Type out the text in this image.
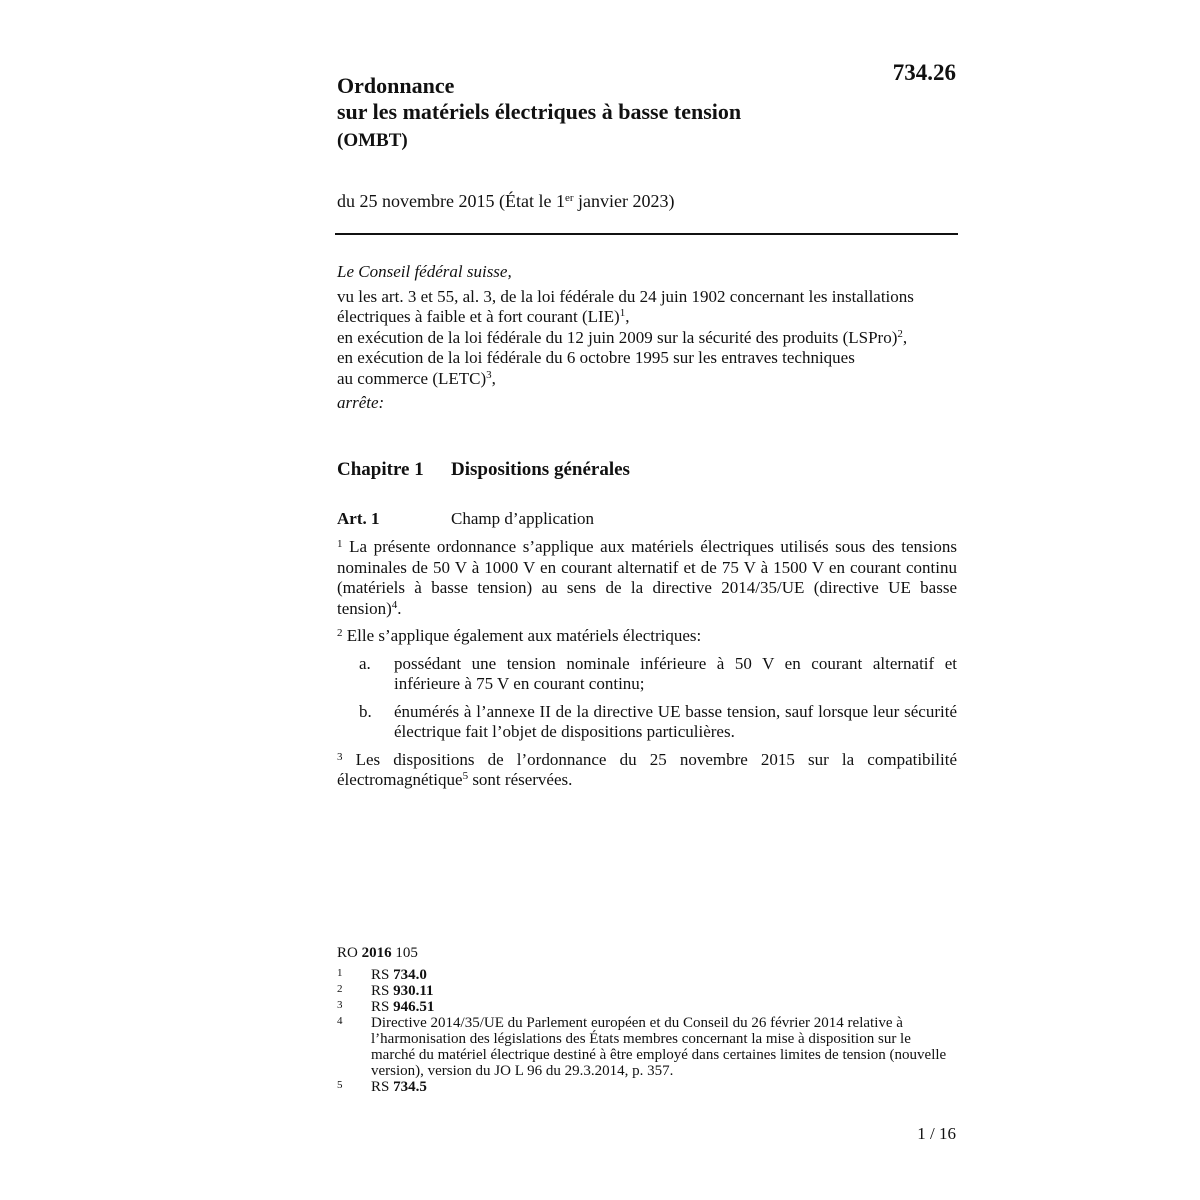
734.26
Ordonnance
sur les matériels électriques à basse tension
(OMBT)
du 25 novembre 2015 (État le 1er janvier 2023)

Le Conseil fédéral suisse,

vu les art. 3 et 55, al. 3, de la loi fédérale du 24 juin 1902 concernant les installations électriques à faible et à fort courant (LIE)$^1$,

en exécution de la loi fédérale du 12 juin 2009 sur la sécurité des produits (LSPro)$^2$,

en exécution de la loi fédérale du 6 octobre 1995 sur les entraves techniques
au commerce (LETC)$^3$,

arrête:

Chapitre 1 Dispositions générales
Art. 1	Champ d’application

$^1$ La présente ordonnance s’applique aux matériels électriques utilisés sous des tensions nominales de 50 V à 1000 V en courant alternatif et de 75 V à 1500 V en courant continu (matériels à basse tension) au sens de la directive 2014/35/UE (directive UE basse tension)$^4$.

$^2$ Elle s’applique également aux matériels électriques:

a.	possédant une tension nominale inférieure à 50 V en courant alternatif et inférieure à 75 V en courant continu;
b.	énumérés à l’annexe II de la directive UE basse tension, sauf lorsque leur sécurité électrique fait l’objet de dispositions particulières.

$^3$ Les dispositions de l’ordonnance du 25 novembre 2015 sur la compatibilité électromagnétique$^5$ sont réservées.

RO 2016 105
1	RS 734.0
2	RS 930.11
3	RS 946.51
4	Directive 2014/35/UE du Parlement européen et du Conseil du 26 février 2014 relative à l’harmonisation des législations des États membres concernant la mise à disposition sur le marché du matériel électrique destiné à être employé dans certaines limites de tension (nouvelle version), version du JO L 96 du 29.3.2014, p. 357.
5	RS 734.5
1 / 16
